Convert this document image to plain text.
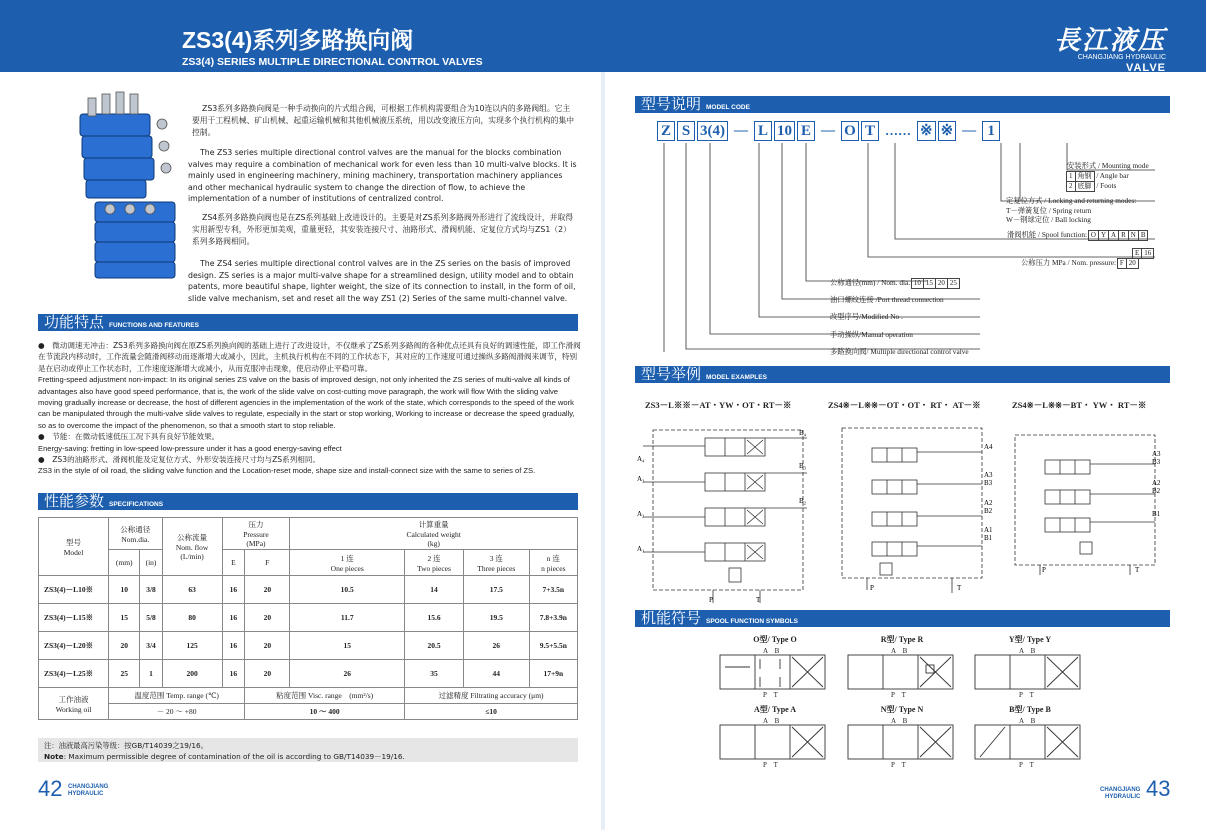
ZS3(4)系列多路换向阀
ZS3(4) SERIES MULTIPLE DIRECTIONAL CONTROL VALVES
長江液压
CHANGJIANG HYDRAULIC
VALVE
ZS3系列多路换向阀是一种手动换向的片式组合阀，可根据工作机构需要组合为10连以内的多路阀组。它主要用于工程机械、矿山机械、起重运输机械和其他机械液压系统，用以改变液压方向，实现多个执行机构的集中控制。
The ZS3 series multiple directional control valves are the manual for the blocks combination valves may require a combination of mechanical work for even less than 10 multi-valve blocks. It is mainly used in engineering machinery, mining machinery, transportation machinery appliances and other mechanical hydraulic system to change the direction of flow, to achieve the implementation of a number of institutions of centralized control.
ZS4系列多路换向阀也是在ZS系列基础上改进设计的。主要是对ZS系列多路阀外形进行了流线设计，并取得实用新型专利，外形更加美观，重量更轻，其安装连接尺寸、油路形式、滑阀机能、定复位方式均与ZS1（2）系列多路阀相同。
The ZS4 series multiple directional control valves are in the ZS series on the basis of improved design. ZS series is a major multi-valve shape for a streamlined design, utility model and to obtain patents, more beautiful shape, lighter weight, the size of its connection to install, in the form of oil, slide valve mechanism, set and reset all the way ZS1 (2) Series of the same multi-channel valve.
功能特点 FUNCTIONS AND FEATURES

●　微动调速无冲击：ZS3系列多路换向阀在原ZS系列换向阀的基础上进行了改进设计，不仅继承了ZS系列多路阀的各种优点还具有良好的调速性能，即工作滑阀在节流段内移动时，工作流量会随滑阀移动而逐渐增大或减小，因此，主机执行机构在不同的工作状态下，其对应的工作速度可通过操纵多路阀滑阀来调节，特别是在启动或停止工作状态时，工作速度逐渐增大或减小，从而克服冲击现象，使启动停止平稳可靠。

Fretting-speed adjustment non-impact: In its original series ZS valve on the basis of improved design, not only inherited the ZS series of multi-valve all kinds of advantages also have good speed performance, that is, the work of the slide valve on cost-cutting move paragraph, the work will flow With the sliding valve moving gradually increase or decrease, the host of different agencies in the implementation of the work of the state, which corresponds to the speed of the work can be manipulated through the multi-valve slide valves to regulate, especially in the start or stop working, Working to increase or decrease the speed gradually, so as to overcome the impact of the phenomenon, so that a smooth start to stop reliable.

●　节能：在微动低速低压工况下具有良好节能效果。

Energy-saving: fretting in low-speed low-pressure under it has a good energy-saving effect

●　ZS3的油路形式、滑阀机能及定复位方式、外形安装连接尺寸均与ZS系列相同。

ZS3 in the style of oil road, the sliding valve function and the Location-reset mode, shape size and install-connect size with the same to series of ZS.

性能参数 SPECIFICATIONS
型号
Model	公称通径
Nom.dia.		公称流量
Nom. flow (L/min)	压力
Pressure
(MPa)		计算重量
Calculated weight
(kg)			
	(mm)	(in)		E	F	1 连
One pieces	2 连
Two pieces	3 连
Three pieces	n 连
n pieces
ZS3(4)－L10※	10	3/8	63	16	20	10.5	14	17.5	7+3.5n
ZS3(4)－L15※	15	5/8	80	16	20	11.7	15.6	19.5	7.8+3.9n
ZS3(4)－L20※	20	3/4	125	16	20	15	20.5	26	9.5+5.5n
ZS3(4)－L25※	25	1	200	16	20	26	35	44	17+9n
工作油液
Working oil	温度范围 Temp. range (℃)				粘度范围 Visc. range　(mm²/s)		过滤精度 Filtrating accuracy (μm)		
	－ 20 ～ +80				10 ～ 400		≤10		
注：油液最高污染等级：按GB/T14039之19/16。
Note: Maximum permissible degree of contamination of the oil is according to GB/T14039－19/16.
42 CHANGJIANG
HYDRAULIC
型号说明 MODEL CODE
Z S 3(4) — L 10 E — O T …… ※ ※ — 1
安装形式 / Mounting mode
1 角钢 / Angle bar
2 底脚 / Foots
定复位方式 / Locking and returning modes:
T－弹簧复位 / Spring return
W－钢球定位 / Ball locking
滑阀机能 / Spool function: O Y A R N B
E 16
公称压力 MPa / Nom. pressure: F 20
公称通径(mm) / Nom. dia. 10 15 20 25
油口螺纹连接 /Port thread connection
改型序号/Modified No .
手动操纵/Manual operation
多路换向阀/ Multiple directional control valve
型号举例 MODEL EXAMPLES
ZS3－L※※－AT・YW・OT・RT－※	ZS4※－L※※－OT・OT・ RT・ AT－※	ZS4※－L※※－BT・ YW・ RT－※
A₄
B₄
A₃
B₃
A₂
B₂
A₁
P	T
A4
A3
B3
A2
B2
A1
B1
P	T
A3
B3
A2
B2
B1
P	T
机能符号 SPOOL FUNCTION SYMBOLS
O型/ Type O	R型/ Type R	Y型/ Type Y
A型/ Type A	N型/ Type N	B型/ Type B
A　 B
P　 T
A　 B
P　 T
A　 B
P　 T
A　 B
P　 T
A　 B
P　 T
A　 B
P　 T
CHANGJIANG
HYDRAULIC 43
